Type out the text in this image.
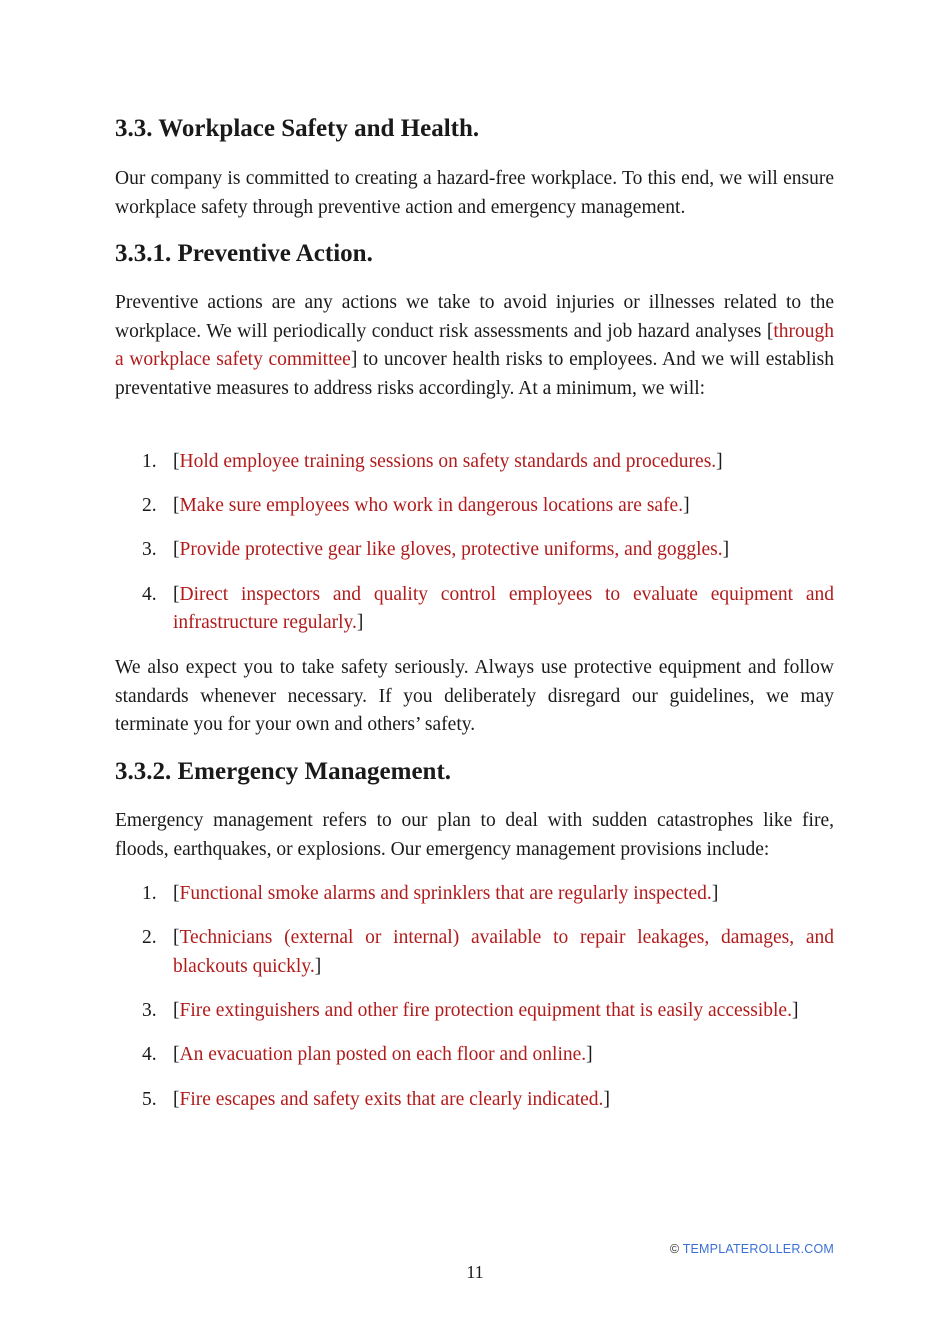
3.3. Workplace Safety and Health.

Our company is committed to creating a hazard-free workplace. To this end, we will ensure workplace safety through preventive action and emergency management.

3.3.1. Preventive Action.

Preventive actions are any actions we take to avoid injuries or illnesses related to the workplace. We will periodically conduct risk assessments and job hazard analyses [through a workplace safety committee] to uncover health risks to employees. And we will establish preventative measures to address risks accordingly. At a minimum, we will:

1. [Hold employee training sessions on safety standards and procedures.]
2. [Make sure employees who work in dangerous locations are safe.]
3. [Provide protective gear like gloves, protective uniforms, and goggles.]
4. [Direct inspectors and quality control employees to evaluate equipment and infrastructure regularly.]

We also expect you to take safety seriously. Always use protective equipment and follow standards whenever necessary. If you deliberately disregard our guidelines, we may terminate you for your own and others’ safety.

3.3.2. Emergency Management.

Emergency management refers to our plan to deal with sudden catastrophes like fire, floods, earthquakes, or explosions. Our emergency management provisions include:

1. [Functional smoke alarms and sprinklers that are regularly inspected.]
2. [Technicians (external or internal) available to repair leakages, damages, and blackouts quickly.]
3. [Fire extinguishers and other fire protection equipment that is easily accessible.]
4. [An evacuation plan posted on each floor and online.]
5. [Fire escapes and safety exits that are clearly indicated.]
© TEMPLATEROLLER.COM
11
